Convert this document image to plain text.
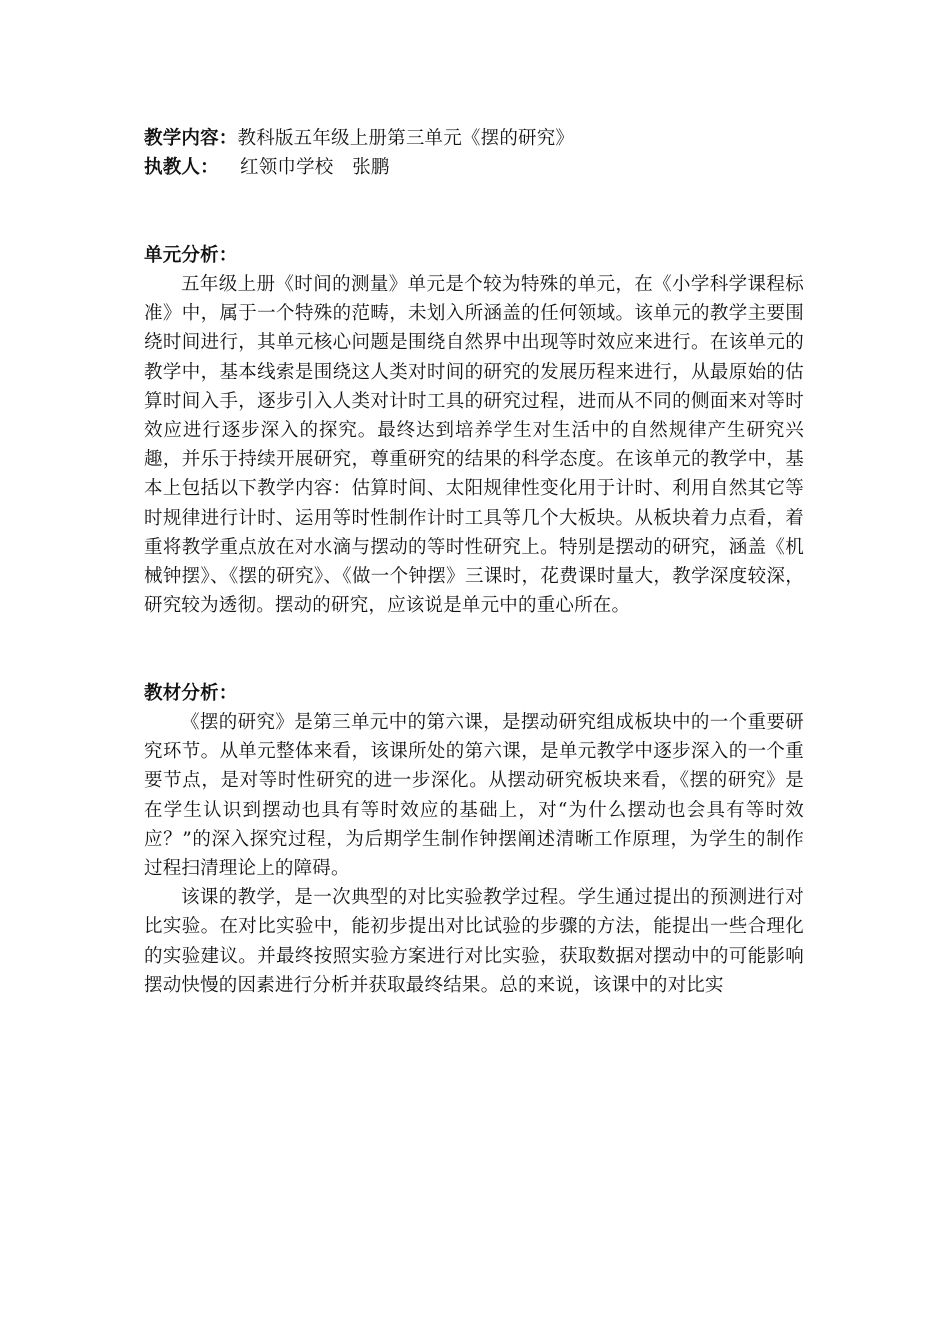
教学内容：教科版五年级上册第三单元《摆的研究》
执教人： 红领巾学校　张鹏
单元分析：

五年级上册《时间的测量》单元是个较为特殊的单元，在《小学科学课程标准》中，属于一个特殊的范畴，未划入所涵盖的任何领域。该单元的教学主要围绕时间进行，其单元核心问题是围绕自然界中出现等时效应来进行。在该单元的教学中，基本线索是围绕这人类对时间的研究的发展历程来进行，从最原始的估算时间入手，逐步引入人类对计时工具的研究过程，进而从不同的侧面来对等时效应进行逐步深入的探究。最终达到培养学生对生活中的自然规律产生研究兴趣，并乐于持续开展研究，尊重研究的结果的科学态度。在该单元的教学中，基本上包括以下教学内容：估算时间、太阳规律性变化用于计时、利用自然其它等时规律进行计时、运用等时性制作计时工具等几个大板块。从板块着力点看，着重将教学重点放在对水滴与摆动的等时性研究上。特别是摆动的研究，涵盖《机械钟摆》、《摆的研究》、《做一个钟摆》三课时，花费课时量大，教学深度较深，研究较为透彻。摆动的研究，应该说是单元中的重心所在。

教材分析：

《摆的研究》是第三单元中的第六课，是摆动研究组成板块中的一个重要研究环节。从单元整体来看，该课所处的第六课，是单元教学中逐步深入的一个重要节点，是对等时性研究的进一步深化。从摆动研究板块来看，《摆的研究》是在学生认识到摆动也具有等时效应的基础上，对“为什么摆动也会具有等时效应？”的深入探究过程，为后期学生制作钟摆阐述清晰工作原理，为学生的制作过程扫清理论上的障碍。

该课的教学，是一次典型的对比实验教学过程。学生通过提出的预测进行对比实验。在对比实验中，能初步提出对比试验的步骤的方法，能提出一些合理化的实验建议。并最终按照实验方案进行对比实验，获取数据对摆动中的可能影响摆动快慢的因素进行分析并获取最终结果。总的来说，该课中的对比实
